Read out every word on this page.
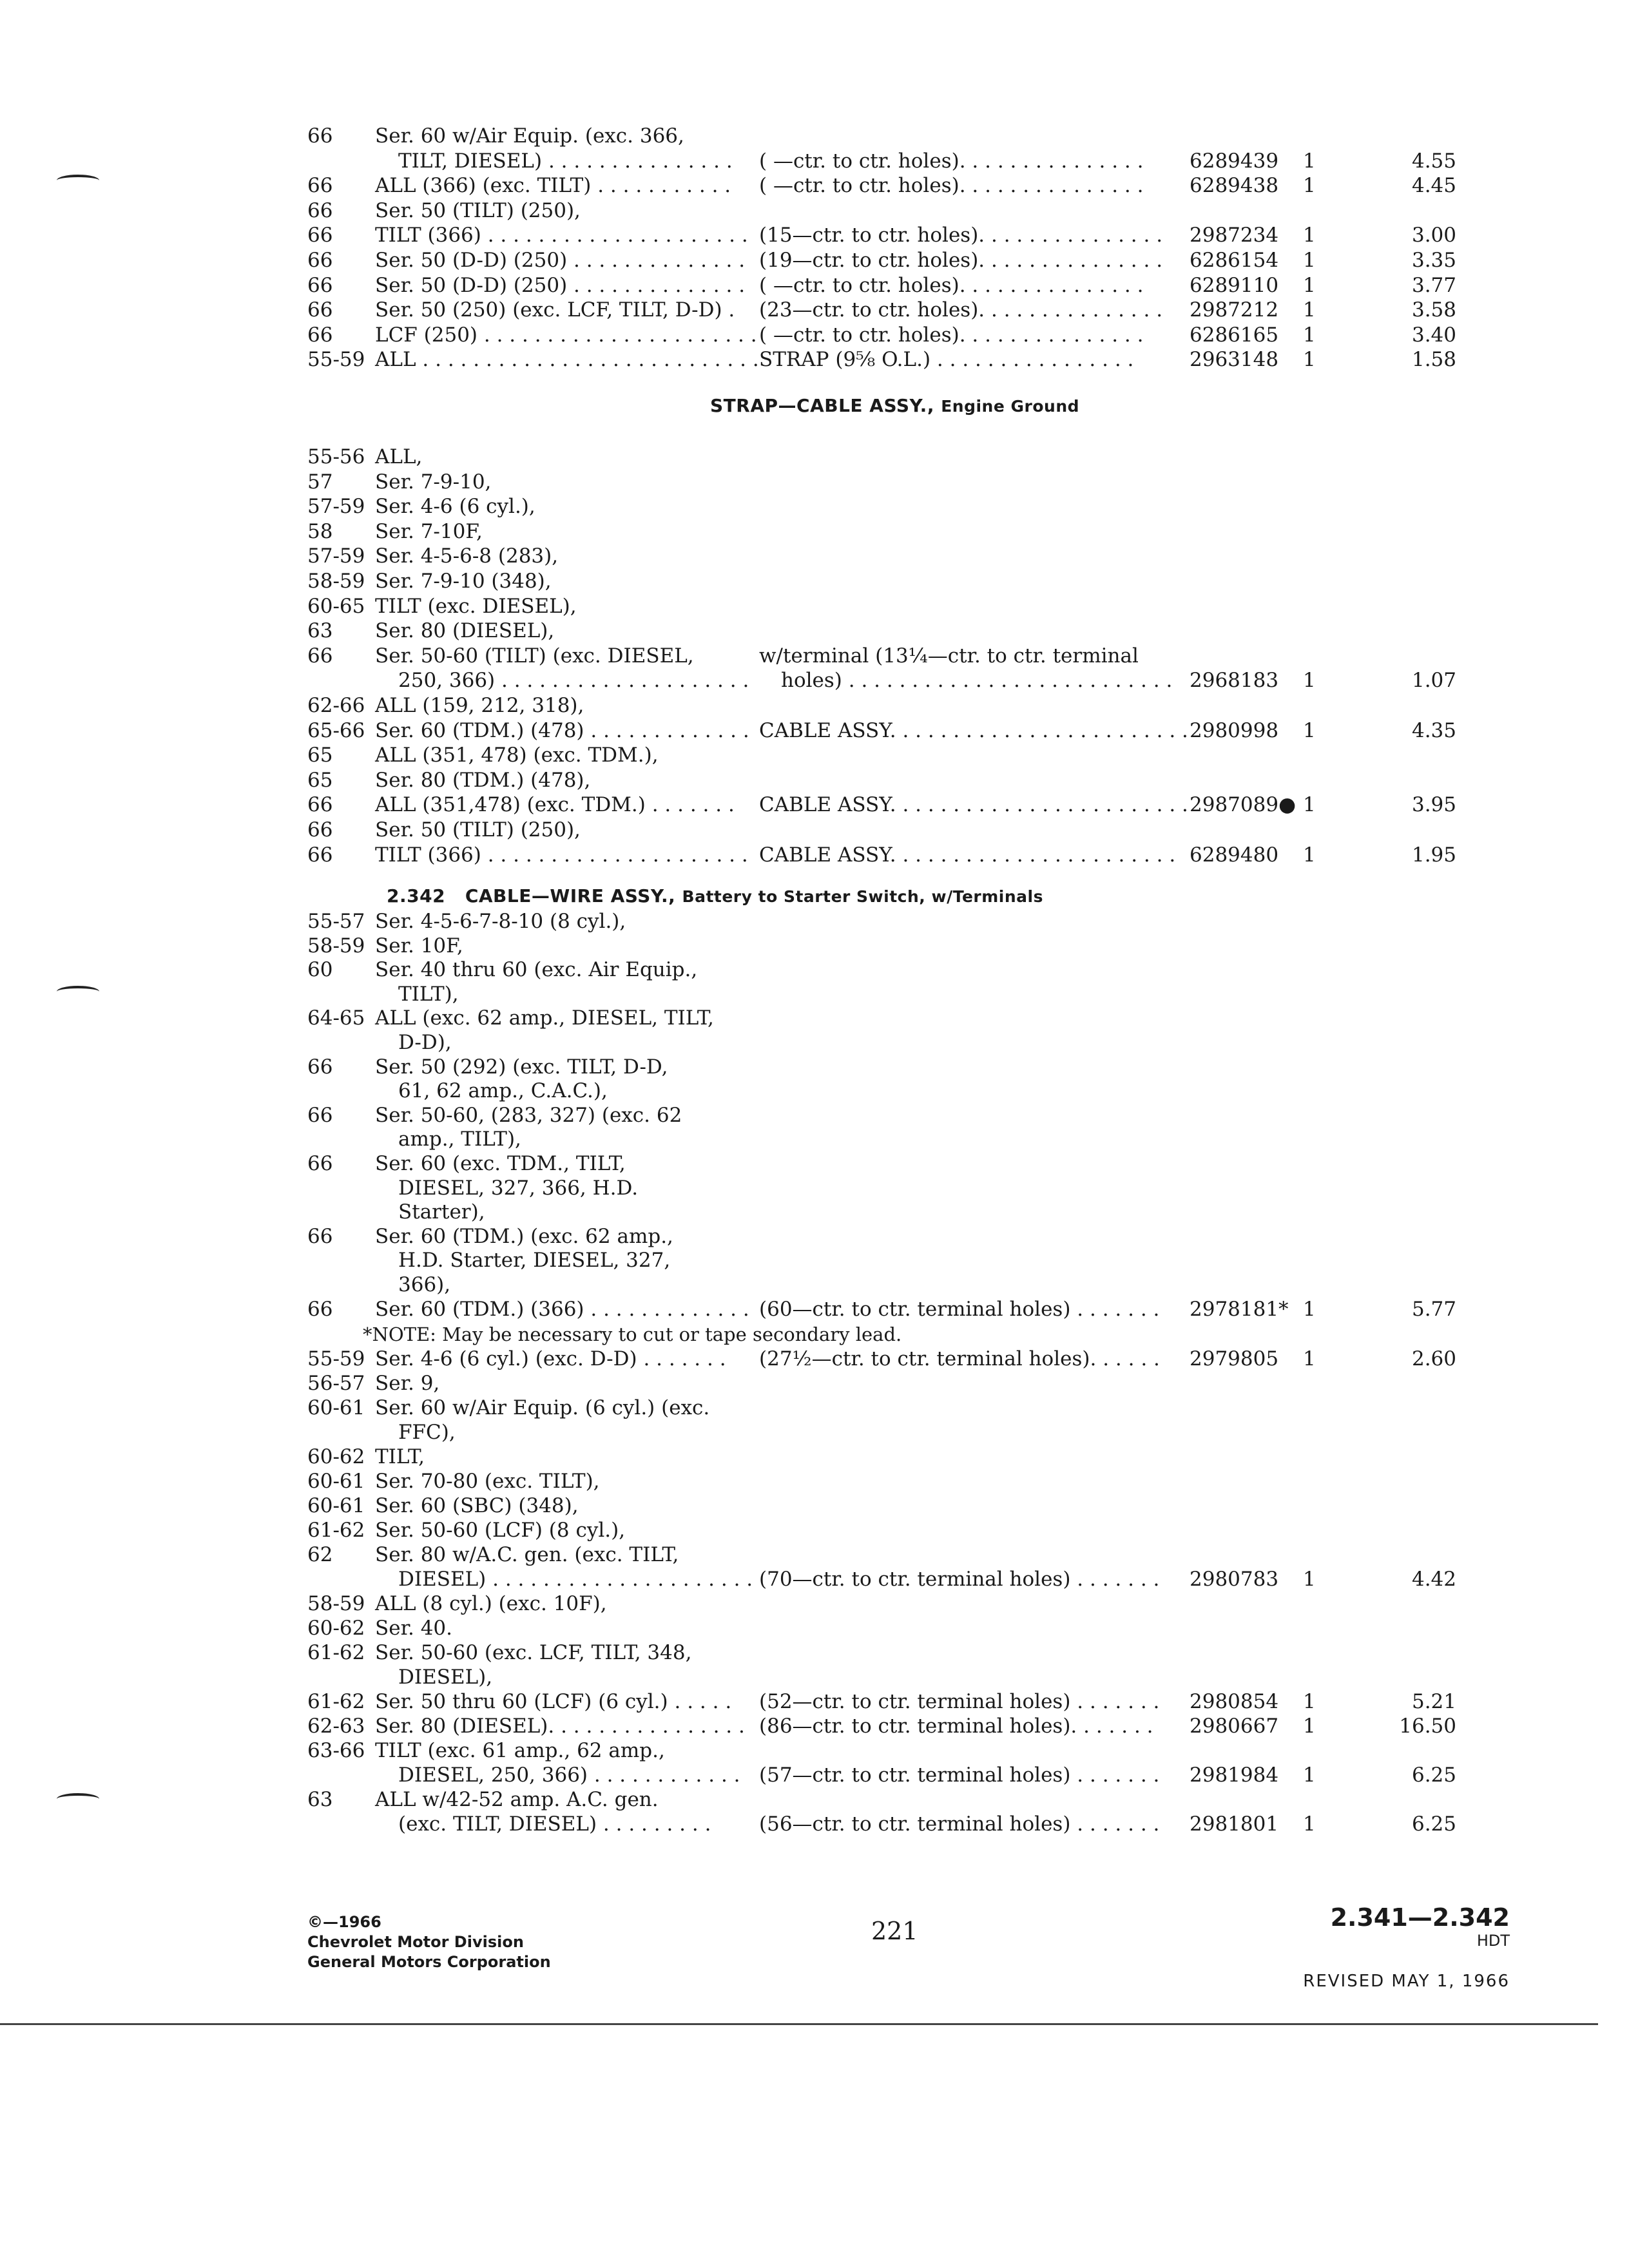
66 Ser. 60 w/Air Equip. (exc. 366,
TILT, DIESEL) . . . . . . . . . . . . . . . ( —ctr. to ctr. holes). . . . . . . . . . . . . . . 6289439 1	4.55
66 ALL (366) (exc. TILT) . . . . . . . . . . . ( —ctr. to ctr. holes). . . . . . . . . . . . . . . 6289438 1	4.45
66 Ser. 50 (TILT) (250),
66 TILT (366) . . . . . . . . . . . . . . . . . . . . . (15—ctr. to ctr. holes). . . . . . . . . . . . . . . 2987234 1	3.00
66 Ser. 50 (D-D) (250) . . . . . . . . . . . . . . (19—ctr. to ctr. holes). . . . . . . . . . . . . . . 6286154 1	3.35
66 Ser. 50 (D-D) (250) . . . . . . . . . . . . . . ( —ctr. to ctr. holes). . . . . . . . . . . . . . . 6289110 1	3.77
66 Ser. 50 (250) (exc. LCF, TILT, D-D) . (23—ctr. to ctr. holes). . . . . . . . . . . . . . . 2987212 1	3.58
66 LCF (250) . . . . . . . . . . . . . . . . . . . . . . ( —ctr. to ctr. holes). . . . . . . . . . . . . . . 6286165 1	3.40
55-59 ALL . . . . . . . . . . . . . . . . . . . . . . . . . . . STRAP (9⅝ O.L.) . . . . . . . . . . . . . . . .	2963148 1	1.58
STRAP—CABLE ASSY., Engine Ground
55-56 ALL,
57 Ser. 7-9-10,
57-59 Ser. 4-6 (6 cyl.),
58 Ser. 7-10F,
57-59 Ser. 4-5-6-8 (283),
58-59 Ser. 7-9-10 (348),
60-65 TILT (exc. DIESEL),
63 Ser. 80 (DIESEL),
66 Ser. 50-60 (TILT) (exc. DIESEL,	w/terminal (13¼—ctr. to ctr. terminal
250, 366) . . . . . . . . . . . . . . . . . . . . holes) . . . . . . . . . . . . . . . . . . . . . . . . . . 2968183 1	1.07
62-66 ALL (159, 212, 318),
65-66 Ser. 60 (TDM.) (478) . . . . . . . . . . . . . CABLE ASSY. . . . . . . . . . . . . . . . . . . . . . . . 2980998 1	4.35
65 ALL (351, 478) (exc. TDM.),
65 Ser. 80 (TDM.) (478),
66 ALL (351,478) (exc. TDM.) . . . . . . . CABLE ASSY. . . . . . . . . . . . . . . . . . . . . . . . 2987089● 1	3.95
66 Ser. 50 (TILT) (250),
66 TILT (366) . . . . . . . . . . . . . . . . . . . . . CABLE ASSY. . . . . . . . . . . . . . . . . . . . . . . 6289480 1	1.95
2.342 CABLE—WIRE ASSY., Battery to Starter Switch, w/Terminals
55-57 Ser. 4-5-6-7-8-10 (8 cyl.),
58-59 Ser. 10F,
60 Ser. 40 thru 60 (exc. Air Equip.,
TILT),
64-65 ALL (exc. 62 amp., DIESEL, TILT,
D-D),
66 Ser. 50 (292) (exc. TILT, D-D,
61, 62 amp., C.A.C.),
66 Ser. 50-60, (283, 327) (exc. 62
amp., TILT),
66 Ser. 60 (exc. TDM., TILT,
DIESEL, 327, 366, H.D.
Starter),
66 Ser. 60 (TDM.) (exc. 62 amp.,
H.D. Starter, DIESEL, 327,
366),
66 Ser. 60 (TDM.) (366) . . . . . . . . . . . . . (60—ctr. to ctr. terminal holes) . . . . . . . 2978181* 1	5.77
*NOTE: May be necessary to cut or tape secondary lead.
55-59 Ser. 4-6 (6 cyl.) (exc. D-D) . . . . . . . (27½—ctr. to ctr. terminal holes). . . . . . 2979805 1	2.60
56-57 Ser. 9,
60-61 Ser. 60 w/Air Equip. (6 cyl.) (exc.
FFC),
60-62 TILT,
60-61 Ser. 70-80 (exc. TILT),
60-61 Ser. 60 (SBC) (348),
61-62 Ser. 50-60 (LCF) (8 cyl.),
62 Ser. 80 w/A.C. gen. (exc. TILT,
DIESEL) . . . . . . . . . . . . . . . . . . . . . (70—ctr. to ctr. terminal holes) . . . . . . . 2980783 1	4.42
58-59 ALL (8 cyl.) (exc. 10F),
60-62 Ser. 40.
61-62 Ser. 50-60 (exc. LCF, TILT, 348,
DIESEL),
61-62 Ser. 50 thru 60 (LCF) (6 cyl.) . . . . . (52—ctr. to ctr. terminal holes) . . . . . . . 2980854 1	5.21
62-63 Ser. 80 (DIESEL). . . . . . . . . . . . . . . . (86—ctr. to ctr. terminal holes). . . . . . . 2980667 1	16.50
63-66 TILT (exc. 61 amp., 62 amp.,
DIESEL, 250, 366) . . . . . . . . . . . . (57—ctr. to ctr. terminal holes) . . . . . . . 2981984 1	6.25
63 ALL w/42-52 amp. A.C. gen.
(exc. TILT, DIESEL) . . . . . . . . . (56—ctr. to ctr. terminal holes) . . . . . . . 2981801 1	6.25
©—1966
Chevrolet Motor Division
General Motors Corporation
221	2.341—2.342
HDT
REVISED MAY 1, 1966
